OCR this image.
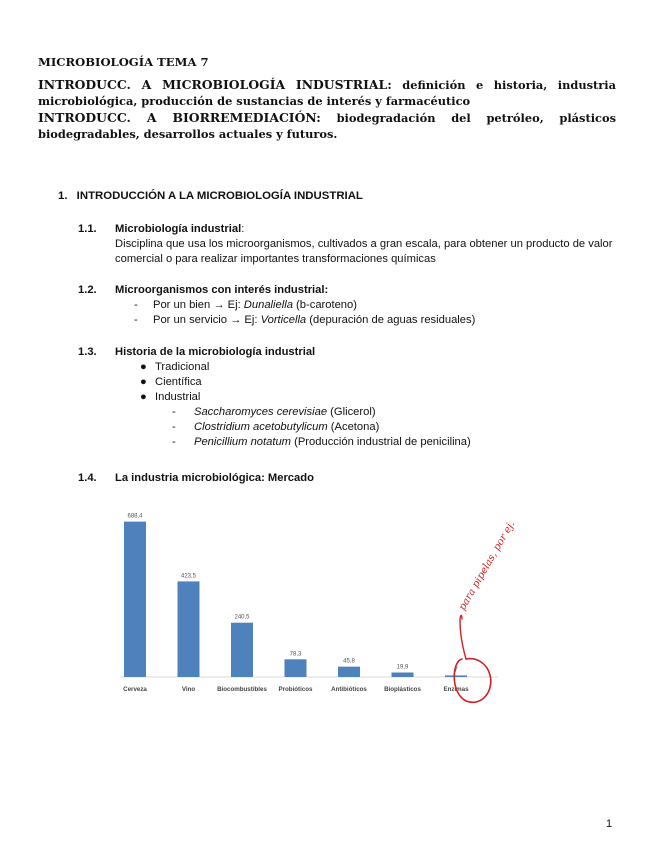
MICROBIOLOGÍA TEMA 7

INTRODUCC. A MICROBIOLOGÍA INDUSTRIAL: definición e historia, industria microbiológica, producción de sustancias de interés y farmacéutico

INTRODUCC. A BIORREMEDIACIÓN: biodegradación del petróleo, plásticos biodegradables, desarrollos actuales y futuros.

1. INTRODUCCIÓN A LA MICROBIOLOGÍA INDUSTRIAL
1.1. Microbiología industrial:
Disciplina que usa los microorganismos, cultivados a gran escala, para obtener un producto de valor comercial o para realizar importantes transformaciones químicas
1.2. Microorganismos con interés industrial:
- Por un bien → Ej: Dunaliella (b-caroteno)
- Por un servicio → Ej: Vorticella (depuración de aguas residuales)
1.3. Historia de la microbiología industrial
● Tradicional
● Científica
● Industrial
- Saccharomyces cerevisiae (Glicerol)
- Clostridium acetobutylicum (Acetona)
- Penicillium notatum (Producción industrial de penicilina)
1.4. La industria microbiológica: Mercado
688,4
Cerveza
423,5
Vino
240,5
Biocombustibles
78,3
Probióticos
45,8
Antibióticos
19,9
Bioplásticos
7
Enzimas
para pipelas, por ej.
1
